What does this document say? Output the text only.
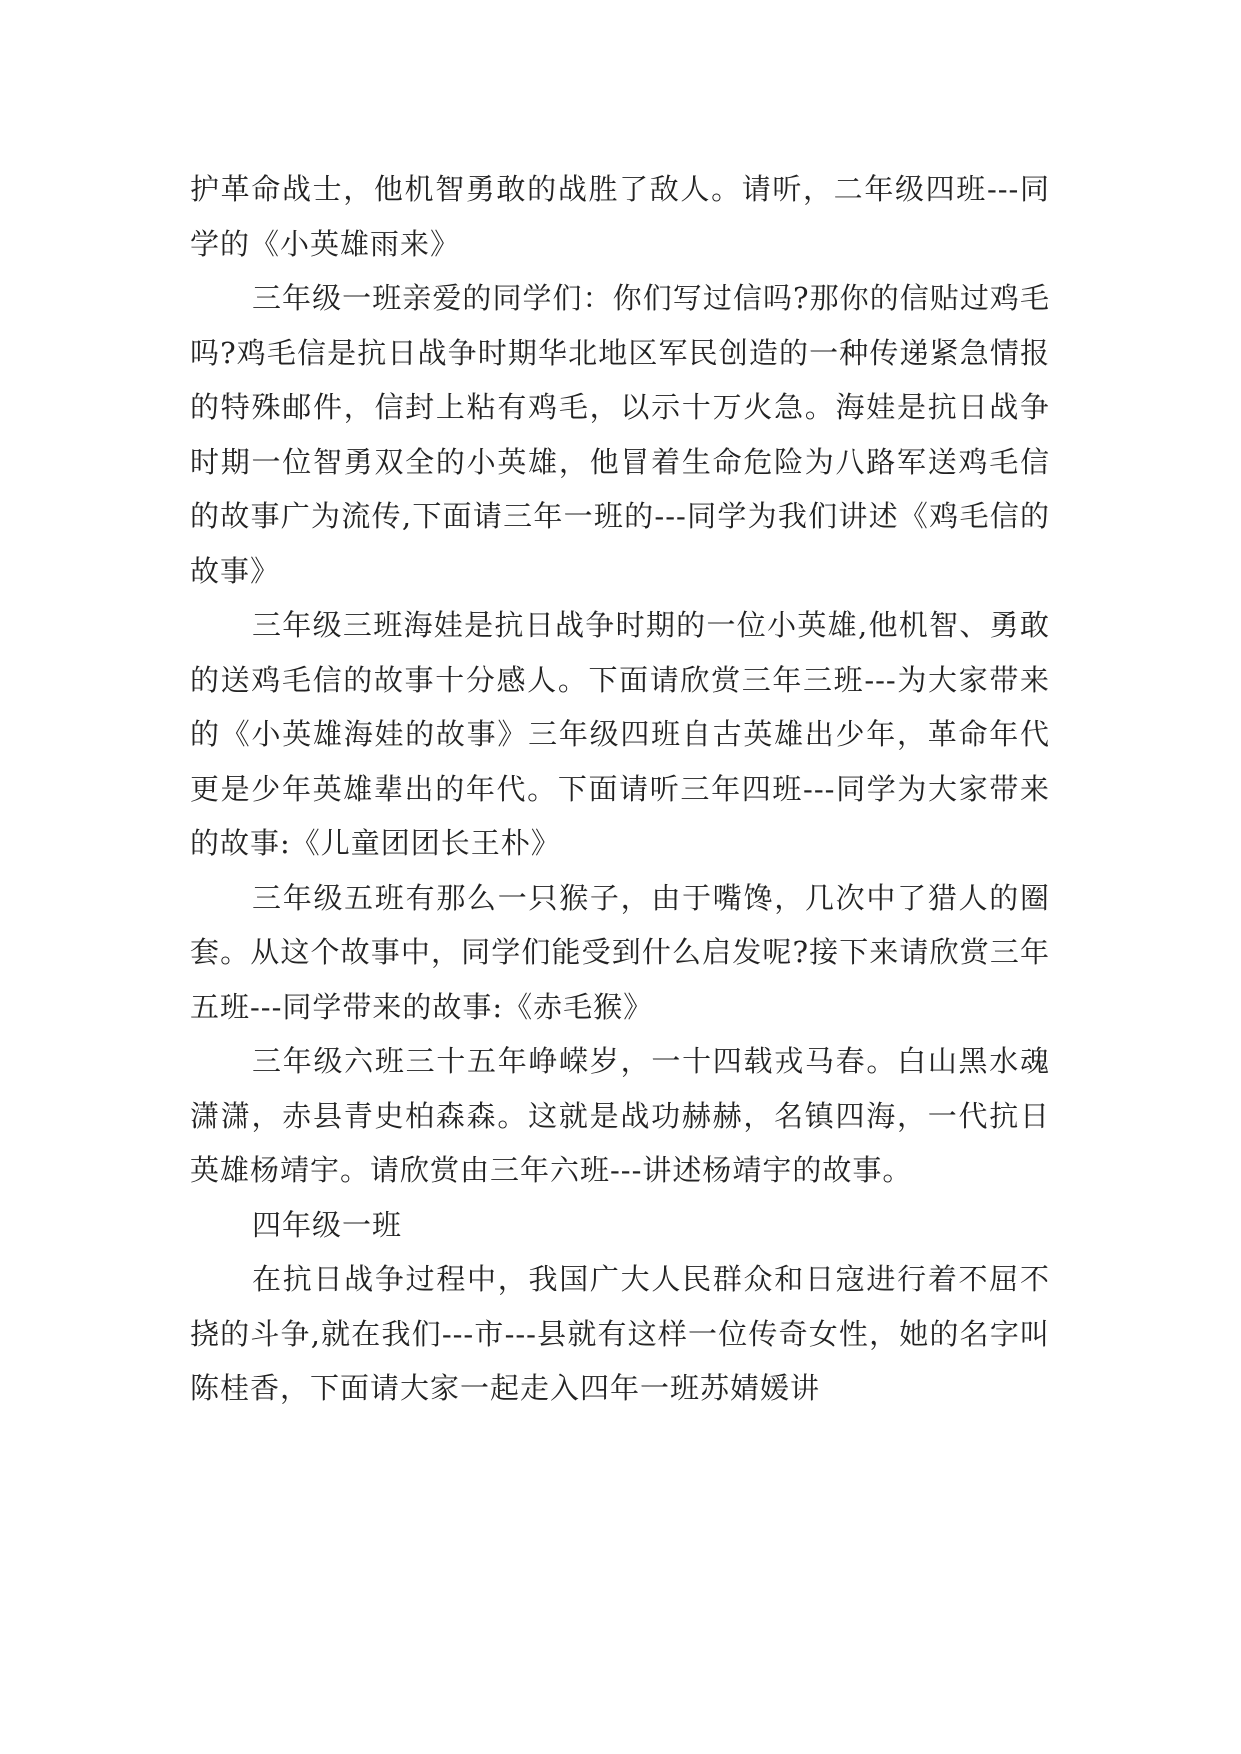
护革命战士，他机智勇敢的战胜了敌人。请听，二年级四班---同学的《小英雄雨来》

三年级一班亲爱的同学们：你们写过信吗?那你的信贴过鸡毛吗?鸡毛信是抗日战争时期华北地区军民创造的一种传递紧急情报的特殊邮件，信封上粘有鸡毛，以示十万火急。海娃是抗日战争时期一位智勇双全的小英雄，他冒着生命危险为八路军送鸡毛信的故事广为流传,下面请三年一班的---同学为我们讲述《鸡毛信的故事》

三年级三班海娃是抗日战争时期的一位小英雄,他机智、勇敢的送鸡毛信的故事十分感人。下面请欣赏三年三班---为大家带来的《小英雄海娃的故事》三年级四班自古英雄出少年，革命年代更是少年英雄辈出的年代。下面请听三年四班---同学为大家带来的故事:《儿童团团长王朴》

三年级五班有那么一只猴子，由于嘴馋，几次中了猎人的圈套。从这个故事中，同学们能受到什么启发呢?接下来请欣赏三年五班---同学带来的故事:《赤毛猴》

三年级六班三十五年峥嵘岁，一十四载戎马春。白山黑水魂潇潇，赤县青史柏森森。这就是战功赫赫，名镇四海，一代抗日英雄杨靖宇。请欣赏由三年六班---讲述杨靖宇的故事。

四年级一班

在抗日战争过程中，我国广大人民群众和日寇进行着不屈不挠的斗争,就在我们---市---县就有这样一位传奇女性，她的名字叫陈桂香，下面请大家一起走入四年一班苏婧媛讲
